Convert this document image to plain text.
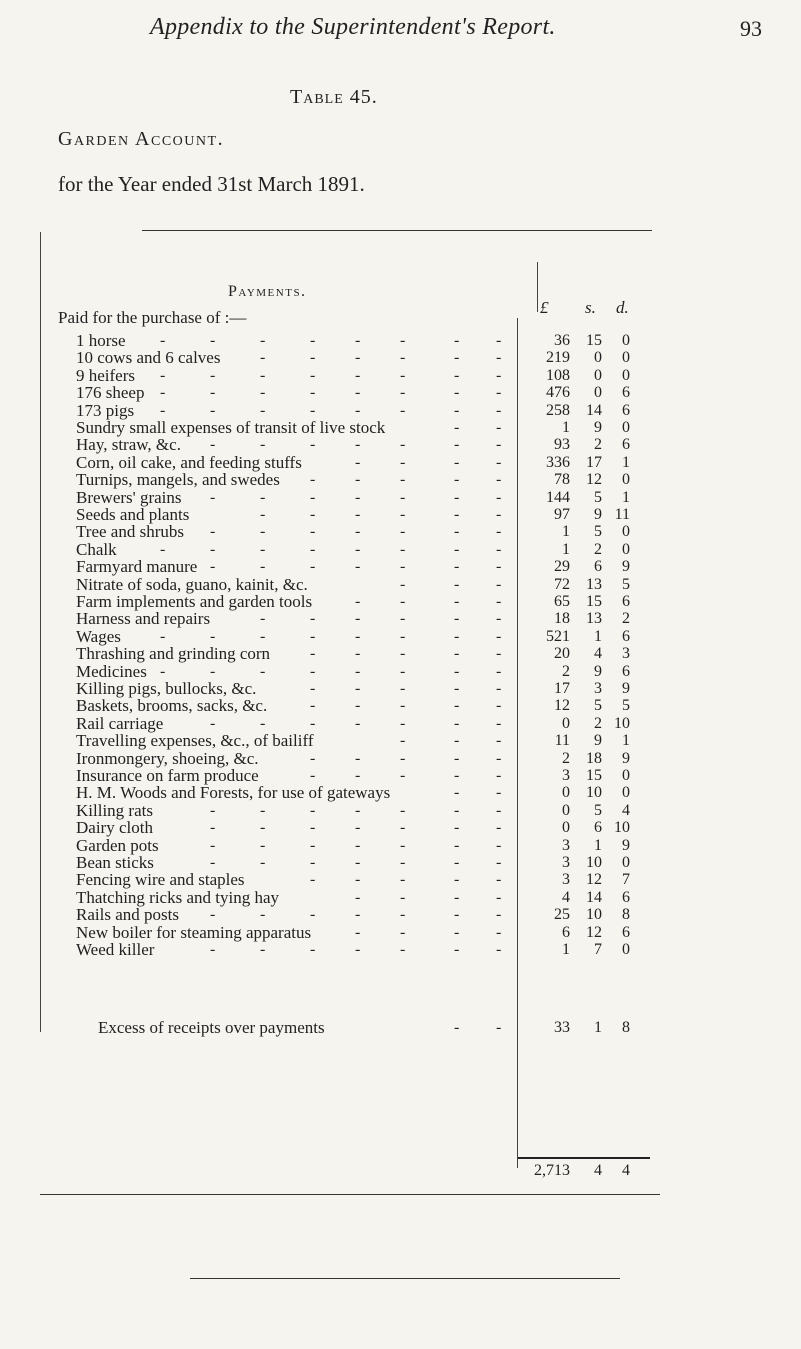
Appendix to the Superintendent's Report.	93
Table 45.
Garden Account.
for the Year ended 31st March 1891.
Payments.
Paid for the purchase of :—
£ s. d.
1 horse -	-	-	- - -	- -	36	15	0
10 cows and 6 calves -	- - -	- -	219	0	0
9 heifers -	-	-	- - -	- -	108	0	0
176 sheep -	-	-	- - -	- -	476	0	6
173 pigs -	-	-	- - -	- -	258	14	6
Sundry small expenses of transit of live stock	- -	1	9	0
Hay, straw, &c. -	-	- - -	- -	93	2	6
Corn, oil cake, and feeding stuffs	- -	- -	336	17	1
Turnips, mangels, and swedes - - -	- -	78	12	0
Brewers' grains -	-	- - -	- -	144	5	1
Seeds and plants	-	- - -	- -	97	9 11
Tree and shrubs -	-	- - -	- -	1	5	0
Chalk	-	-	-	- - -	- -	1	2	0
Farmyard manure -	-	- - -	- -	29	6	9
Nitrate of soda, guano, kainit, &c.	-	- -	72	13	5
Farm implements and garden tools	- -	- -	65	15	6
Harness and repairs	-	- - -	- -	18	13	2
Wages -	-	-	- - -	- -	521	1	6
Thrashing and grinding corn - - -	- -	20	4	3
Medicines -	-	-	- - -	- -	2	9	6
Killing pigs, bullocks, &c.	- - -	- -	17	3	9
Baskets, brooms, sacks, &c.	- - -	- -	12	5	5
Rail carriage	-	-	- - -	- -	0	2 10
Travelling expenses, &c., of bailiff	-	- -	11	9	1
Ironmongery, shoeing, &c.	- - -	- -	2	18	9
Insurance on farm produce	- - -	- -	3	15	0
H. M. Woods and Forests, for use of gateways	- -	0	10	0
Killing rats	-	-	- - -	- -	0	5	4
Dairy cloth	-	-	- - -	- -	0	6 10
Garden pots	-	-	- - -	- -	3	1	9
Bean sticks	-	-	- - -	- -	3	10	0
Fencing wire and staples	- - -	- -	3	12	7
Thatching ricks and tying hay	- -	- -	4	14	6
Rails and posts -	-	- - -	- -	25	10	8
New boiler for steaming apparatus	- -	- -	6	12	6
Weed killer	-	-	- - -	- -	1	7	0
Excess of receipts over payments	- -	33	1	8
2,713	4	4
